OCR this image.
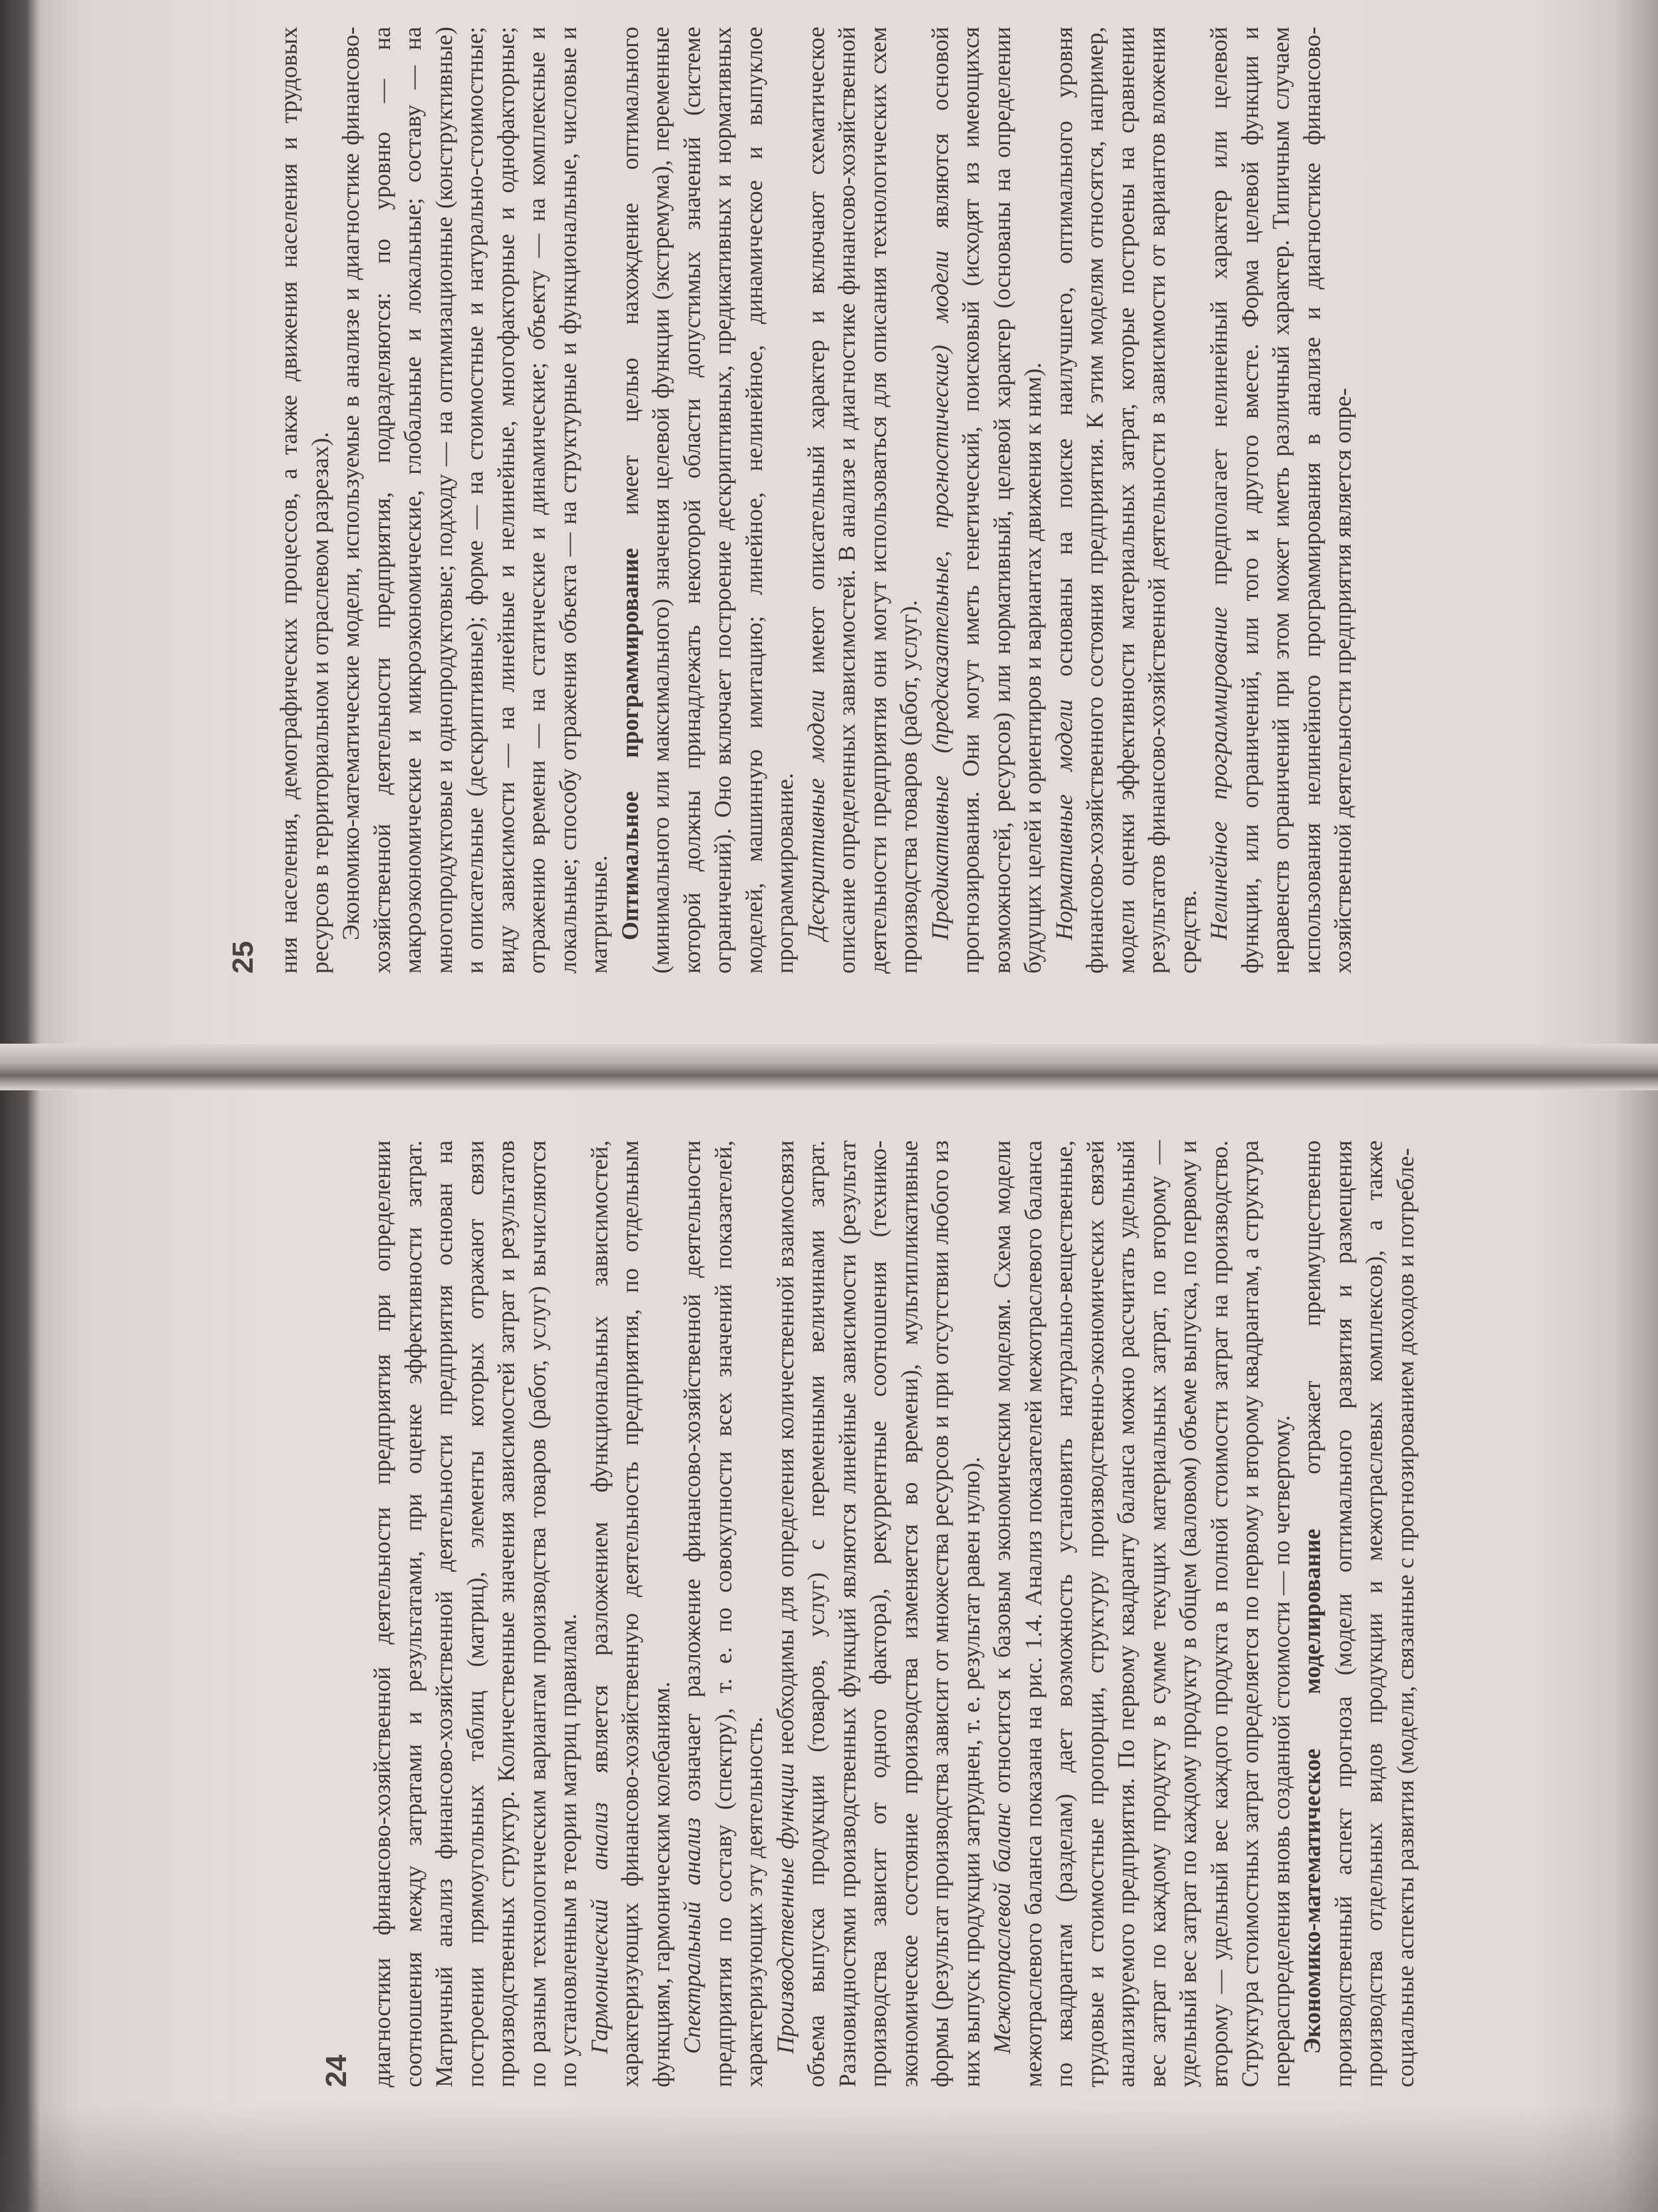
ния населения, демографических процессов, а также движения населения и трудовых ресурсов в территориальном и отраслевом разрезах). Экономико-математические модели, используемые в анализе и диагностике финансово-хозяйственной деятельности предприятия, подразделяются: по уровню — на макроэкономические и микроэкономические, глобальные и локальные; составу — на многопродуктовые и однопродуктовые; подходу — на оптимизационные (конструктивные) и описательные (дескриптивные); форме — на стоимостные и натурально-стоимостные; виду зависимости — на линейные и нелинейные, многофакторные и однофакторные; отражению времени — на статические и динамические; объекту — на комплексные и локальные; способу отражения объекта — на структурные и функциональные, числовые и матричные. Оптимальное программирование имеет целью нахождение оптимального (минимального или максимального) значения целевой функции (экстремума), переменные которой должны принадлежать некоторой области допустимых значений (системе ограничений). Оно включает построение дескриптивных, предикативных и нормативных моделей, машинную имитацию; линейное, нелинейное, динамическое и выпуклое программирование. Дескриптивные модели имеют описательный характер и включают схематическое описание определенных зависимостей. В анализе и диагностике финансово-хозяйственной деятельности предприятия они могут использоваться для описания технологических схем производства товаров (работ, услуг). Предикативные (предсказательные, прогностические) модели являются основой прогнозирования. Они могут иметь генетический, поисковый (исходят из имеющихся возможностей, ресурсов) или нормативный, целевой характер (основаны на определении будущих целей и ориентиров и вариантах движения к ним). Нормативные модели основаны на поиске наилучшего, оптимального уровня финансово-хозяйственного состояния предприятия. К этим моделям относятся, например, модели оценки эффективности материальных затрат, которые построены на сравнении результатов финансово-хозяйственной деятельности в зависимости от вариантов вложения средств. Нелинейное программирование предполагает нелинейный характер или целевой функции, или ограничений, или того и другого вместе. Форма целевой функции и неравенств ограничений при этом может иметь различный характер. Типичным случаем использования нелинейного программирования в анализе и диагностике финансово-хозяйственной деятельности предприятия является опре-

25

диагностики финансово-хозяйственной деятельности предприятия при определении соотношения между затратами и результатами, при оценке эффективности затрат. Матричный анализ финансово-хозяйственной деятельности предприятия основан на построении прямоугольных таблиц (матриц), элементы которых отражают связи производственных структур. Количественные значения зависимостей затрат и результатов по разным технологическим вариантам производства товаров (работ, услуг) вычисляются по установленным в теории матриц правилам. Гармонический анализ является разложением функциональных зависимостей, характеризующих финансово-хозяйственную деятельность предприятия, по отдельным функциям, гармоническим колебаниям. Спектральный анализ означает разложение финансово-хозяйственной деятельности предприятия по составу (спектру), т. е. по совокупности всех значений показателей, характеризующих эту деятельность. Производственные функции необходимы для определения количественной взаимосвязи объема выпуска продукции (товаров, услуг) с переменными величинами затрат. Разновидностями производственных функций являются линейные зависимости (результат производства зависит от одного фактора), рекуррентные соотношения (технико-экономическое состояние производства изменяется во времени), мультипликативные формы (результат производства зависит от множества ресурсов и при отсутствии любого из них выпуск продукции затруднен, т. е. результат равен нулю). Межотраслевой баланс относится к базовым экономическим моделям. Схема модели межотраслевого баланса показана на рис. 1.4. Анализ показателей межотраслевого баланса по квадрантам (разделам) дает возможность установить натурально-вещественные, трудовые и стоимостные пропорции, структуру производственно-экономических связей анализируемого предприятия. По первому квадранту баланса можно рассчитать удельный вес затрат по каждому продукту в сумме текущих материальных затрат, по второму — удельный вес затрат по каждому продукту в общем (валовом) объеме выпуска, по первому и второму — удельный вес каждого продукта в полной стоимости затрат на производство. Структура стоимостных затрат определяется по первому и второму квадрантам, а структура перераспределения вновь созданной стоимости — по четвертому. Экономико-математическое моделирование отражает преимущественно производственный аспект прогноза (модели оптимального развития и размещения производства отдельных видов продукции и межотраслевых комплексов), а также социальные аспекты развития (модели, связанные с прогнозированием доходов и потребле-

24
